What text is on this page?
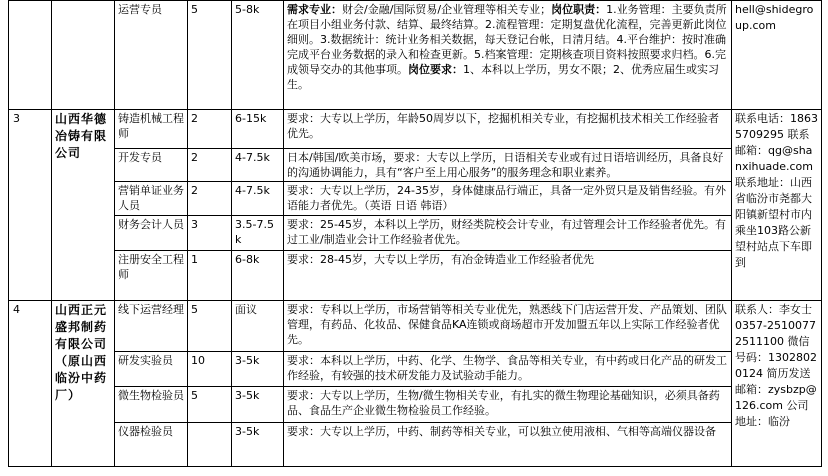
		运营专员	5	5-8k	需求专业：财会/金融/国际贸易/企业管理等相关专业；岗位职责：1.业务管理：主要负责所在项目小组业务付款、结算、最终结算。2.流程管理：定期复盘优化流程，完善更新此岗位细则。3.数据统计：统计业务相关数据，每天登记台帐，日清月结。4.平台维护：按时准确完成平台业务数据的录入和检查更新。5.档案管理：定期核查项目资料按照要求归档。6.完成领导交办的其他事项。岗位要求：1、本科以上学历，男女不限；2、优秀应届生或实习生。	hell@shidegroup.com
3	山西华德冶铸有限公司	铸造机械工程师	2	6-15k	要求：大专以上学历，年龄50周岁以下，挖掘机相关专业，有挖掘机技术相关工作经验者优先。	联系电话：18635709295 联系邮箱：qg@shanxihuade.com 联系地址：山西省临汾市尧都大阳镇新望村市内乘坐103路公新望村站点下车即到
		开发专员	2	4-7.5k	日本/韩国/欧美市场，要求：大专以上学历，日语相关专业或有过日语培训经历，具备良好的沟通协调能力，具有“客户至上用心服务”的服务理念和职业素养。	
		营销单证业务人员	2	4-7.5k	要求：大专以上学历，24-35岁，身体健康品行端正，具备一定外贸只是及销售经验。有外语能力者优先。（英语 日语 韩语）	
		财务会计人员	3	3.5-7.5k	要求：25-45岁，本科以上学历，财经类院校会计专业，有过管理会计工作经验者优先。有过工业/制造业会计工作经验者优先。	
		注册安全工程师	1	6-8k	要求：28-45岁，大专以上学历，有冶金铸造业工作经验者优先	
4	山西正元盛邦制药有限公司（原山西临汾中药厂）	线下运营经理	5	面议	要求：专科以上学历，市场营销等相关专业优先，熟悉线下门店运营开发、产品策划、团队管理，有药品、化妆品、保健食品KA连锁或商场超市开发加盟五年以上实际工作经验者优先。	联系人：李女士0357-2510077 2511100 微信号码：13028020124 简历发送邮箱：zysbzp@126.com 公司地址：临汾
		研发实验员	10	3-5k	要求：本科以上学历，中药、化学、生物学、食品等相关专业，有中药或日化产品的研发工作经验，有较强的技术研发能力及试验动手能力。	
		微生物检验员	5	3-5k	要求：大专以上学历，生物/微生物相关专业，有扎实的微生物理论基础知识，必须具备药品、食品生产企业微生物检验员工作经验。	
		仪器检验员		3-5k	要求：大专以上学历，中药、制药等相关专业，可以独立使用液相、气相等高端仪器设备	
